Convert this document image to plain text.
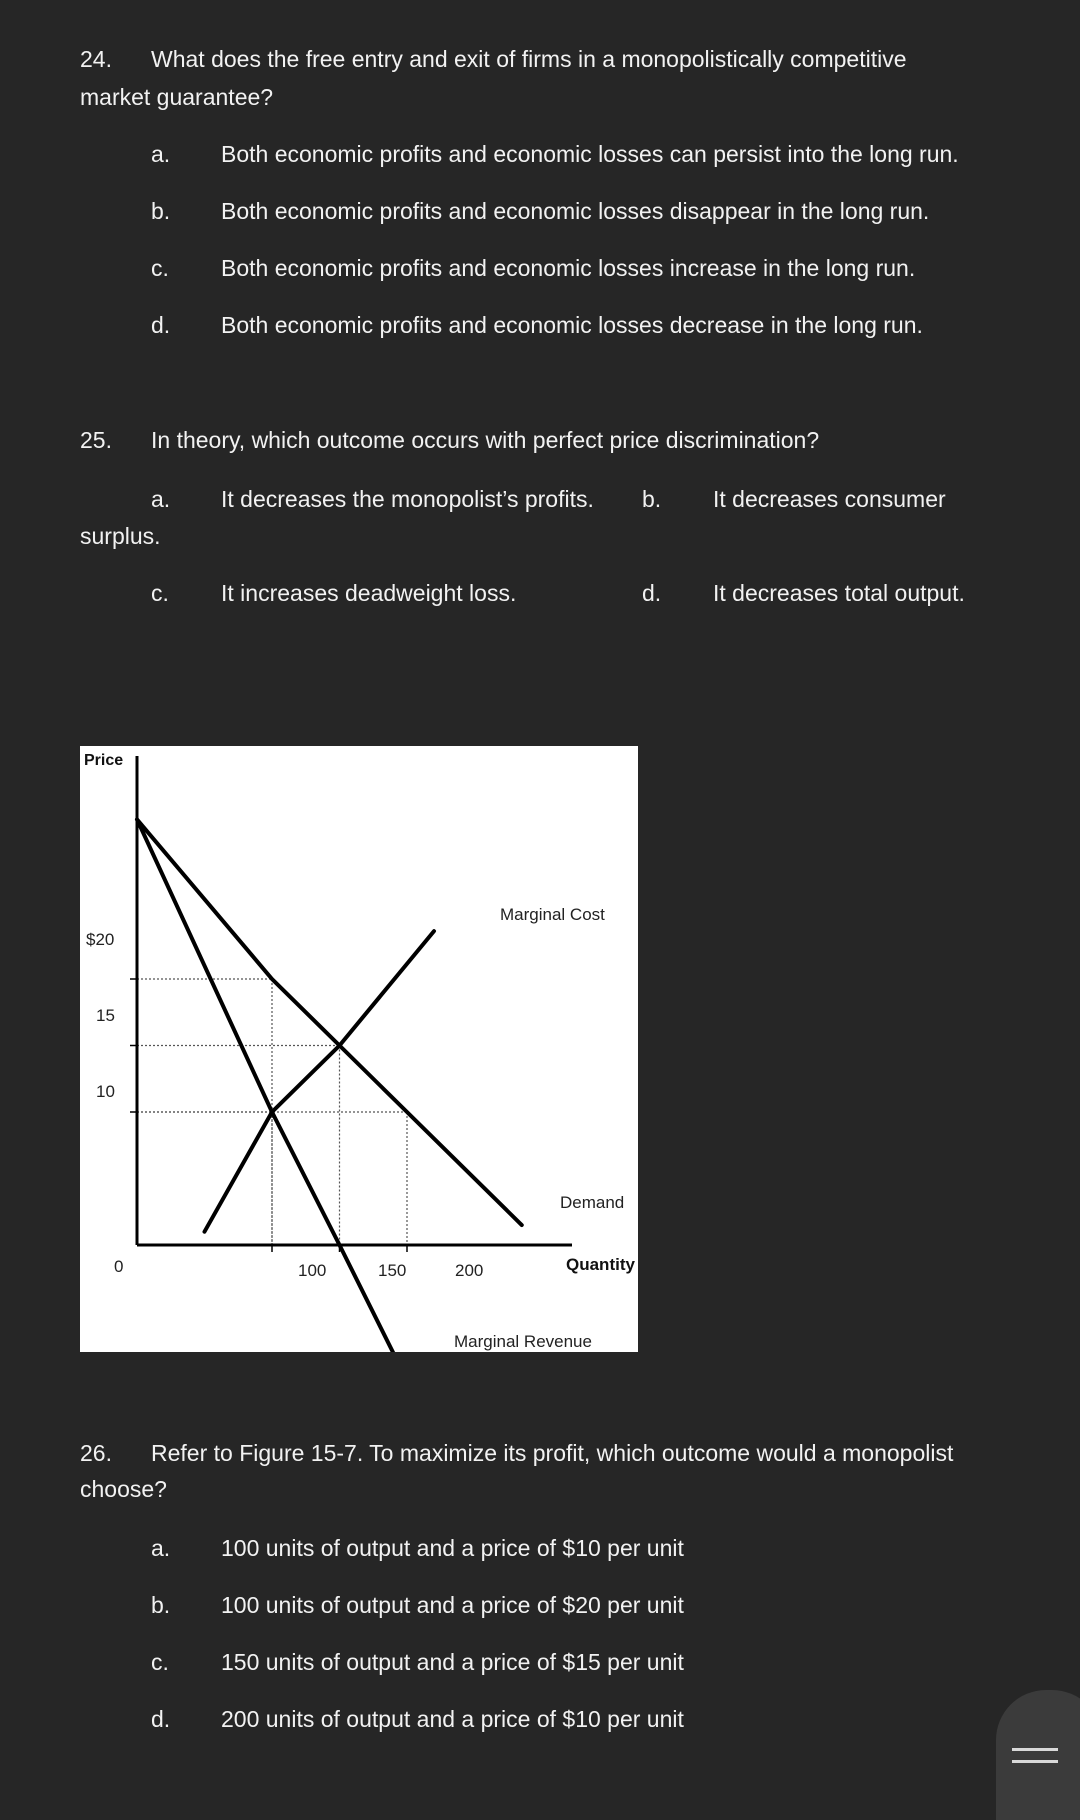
24. What does the free entry and exit of firms in a monopolistically competitive
market guarantee?
a. Both economic profits and economic losses can persist into the long run.
b. Both economic profits and economic losses disappear in the long run.
c. Both economic profits and economic losses increase in the long run.
d. Both economic profits and economic losses decrease in the long run.
25. In theory, which outcome occurs with perfect price discrimination?
a. It decreases the monopolist’s profits. b. It decreases consumer
surplus.
c. It increases deadweight loss.	d. It decreases total output.
Price
Quantity
0
$20
15
10
100	150	200
Marginal Cost
Demand
Marginal Revenue
26. Refer to Figure 15-7. To maximize its profit, which outcome would a monopolist
choose?
a. 100 units of output and a price of $10 per unit
b. 100 units of output and a price of $20 per unit
c. 150 units of output and a price of $15 per unit
d. 200 units of output and a price of $10 per unit
